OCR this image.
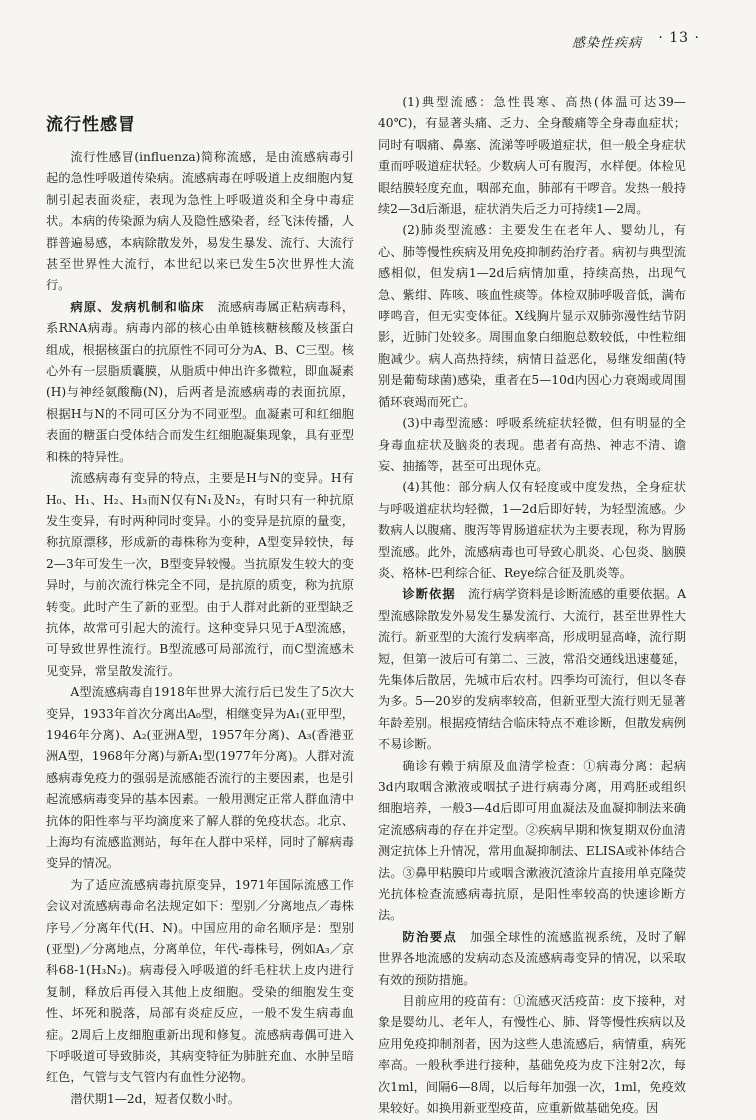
感染性疾病 · 13 ·
流行性感冒

流行性感冒(influenza)简称流感，是由流感病毒引起的急性呼吸道传染病。流感病毒在呼吸道上皮细胞内复制引起表面炎症，表现为急性上呼吸道炎和全身中毒症状。本病的传染源为病人及隐性感染者，经飞沫传播，人群普遍易感，本病除散发外，易发生暴发、流行、大流行甚至世界性大流行，本世纪以来已发生5次世界性大流行。

病原、发病机制和临床  流感病毒属正粘病毒科，系RNA病毒。病毒内部的核心由单链核糖核酸及核蛋白组成，根据核蛋白的抗原性不同可分为A、B、C三型。核心外有一层脂质囊膜，从脂质中伸出许多微粒，即血凝素(H)与神经氨酸酶(N)，后两者是流感病毒的表面抗原，根据H与N的不同可区分为不同亚型。血凝素可和红细胞表面的糖蛋白受体结合而发生红细胞凝集现象，具有亚型和株的特异性。

流感病毒有变异的特点，主要是H与N的变异。H有H₀、H₁、H₂、H₃而N仅有N₁及N₂，有时只有一种抗原发生变异，有时两种同时变异。小的变异是抗原的量变，称抗原漂移，形成新的毒株称为变种，A型变异较快，每2—3年可发生一次，B型变异较慢。当抗原发生较大的变异时，与前次流行株完全不同，是抗原的质变，称为抗原转变。此时产生了新的亚型。由于人群对此新的亚型缺乏抗体，故常可引起大的流行。这种变异只见于A型流感，可导致世界性流行。B型流感可局部流行，而C型流感未见变异，常呈散发流行。

A型流感病毒自1918年世界大流行后已发生了5次大变异，1933年首次分离出A₀型，相继变异为A₁(亚甲型，1946年分离)、A₂(亚洲A型，1957年分离)、A₃(香港亚洲A型，1968年分离)与新A₁型(1977年分离)。人群对流感病毒免疫力的强弱是流感能否流行的主要因素，也是引起流感病毒变异的基本因素。一般用测定正常人群血清中抗体的阳性率与平均滴度来了解人群的免疫状态。北京、上海均有流感监测站，每年在人群中采样，同时了解病毒变异的情况。

为了适应流感病毒抗原变异，1971年国际流感工作会议对流感病毒命名法规定如下：型别／分离地点／毒株序号／分离年代(H、N)。中国应用的命名顺序是：型别(亚型)／分离地点，分离单位，年代-毒株号，例如A₃／京科68-1(H₃N₂)。病毒侵入呼吸道的纤毛柱状上皮内进行复制，释放后再侵入其他上皮细胞。受染的细胞发生变性、坏死和脱落，局部有炎症反应，一般不发生病毒血症。2周后上皮细胞重新出现和修复。流感病毒偶可进入下呼吸道可导致肺炎，其病变特征为肺脏充血、水肿呈暗红色，气管与支气管内有血性分泌物。

潜伏期1—2d，短者仅数小时。

(1)典型流感：急性畏寒、高热(体温可达39—40℃)，有显著头痛、乏力、全身酸痛等全身毒血症状；同时有咽痛、鼻塞、流涕等呼吸道症状，但一般全身症状重而呼吸道症状轻。少数病人可有腹泻，水样便。体检见眼结膜轻度充血，咽部充血，肺部有干啰音。发热一般持续2—3d后渐退，症状消失后乏力可持续1—2周。

(2)肺炎型流感：主要发生在老年人、婴幼儿，有心、肺等慢性疾病及用免疫抑制药治疗者。病初与典型流感相似，但发病1—2d后病情加重，持续高热，出现气急、紫绀、阵咳、咳血性痰等。体检双肺呼吸音低，满布哮鸣音，但无实变体征。X线胸片显示双肺弥漫性结节阴影，近肺门处较多。周围血象白细胞总数较低，中性粒细胞减少。病人高热持续，病情日益恶化，易继发细菌(特别是葡萄球菌)感染，重者在5—10d内因心力衰竭或周围循环衰竭而死亡。

(3)中毒型流感：呼吸系统症状轻微，但有明显的全身毒血症状及脑炎的表现。患者有高热、神志不清、谵妄、抽搐等，甚至可出现休克。

(4)其他：部分病人仅有轻度或中度发热，全身症状与呼吸道症状均轻微，1—2d后即好转，为轻型流感。少数病人以腹痛、腹泻等胃肠道症状为主要表现，称为胃肠型流感。此外，流感病毒也可导致心肌炎、心包炎、脑膜炎、格林-巴利综合征、Reye综合征及肌炎等。

诊断依据  流行病学资料是诊断流感的重要依据。A型流感除散发外易发生暴发流行、大流行，甚至世界性大流行。新亚型的大流行发病率高，形成明显高峰，流行期短，但第一波后可有第二、三波，常沿交通线迅速蔓延，先集体后散居，先城市后农村。四季均可流行，但以冬春为多。5—20岁的发病率较高，但新亚型大流行则无显著年龄差别。根据疫情结合临床特点不难诊断，但散发病例不易诊断。

确诊有赖于病原及血清学检查：①病毒分离：起病3d内取咽含漱液或咽拭子进行病毒分离，用鸡胚或组织细胞培养，一般3—4d后即可用血凝法及血凝抑制法来确定流感病毒的存在并定型。②疾病早期和恢复期双份血清测定抗体上升情况，常用血凝抑制法、ELISA或补体结合法。③鼻甲粘膜印片或咽含漱液沉渣涂片直接用单克隆荧光抗体检查流感病毒抗原，是阳性率较高的快速诊断方法。

防治要点  加强全球性的流感监视系统，及时了解世界各地流感的发病动态及流感病毒变异的情况，以采取有效的预防措施。

目前应用的疫苗有：①流感灭活疫苗：皮下接种，对象是婴幼儿、老年人，有慢性心、肺、肾等慢性疾病以及应用免疫抑制剂者，因为这些人患流感后，病情重，病死率高。一般秋季进行接种，基础免疫为皮下注射2次，每次1ml，间隔6—8周，以后每年加强一次，1ml，免疫效果较好。如换用新亚型疫苗，应重新做基础免疫。因
